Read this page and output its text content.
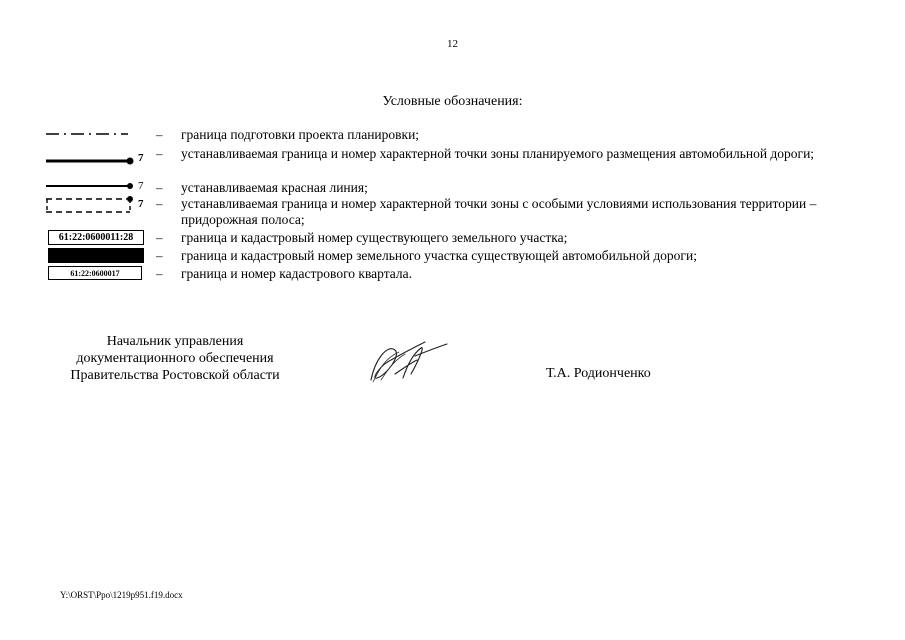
12
Условные обозначения:
– граница подготовки проекта планировки;
7 – устанавливаемая граница и номер характерной точки зоны планируемого размещения автомобильной дороги;
7 – устанавливаемая красная линия;
7 – устанавливаемая граница и номер характерной точки зоны с особыми условиями использования территории – придорожная полоса;
61:22:0600011:28	– граница и кадастровый номер существующего земельного участка;
– граница и кадастровый номер земельного участка существующей автомобильной дороги;
61:22:0600017	– граница и номер кадастрового квартала.
Начальник управления
документационного обеспечения
Правительства Ростовской области	Т.А. Родионченко
Y:\ORST\Ppo\1219p951.f19.docx
